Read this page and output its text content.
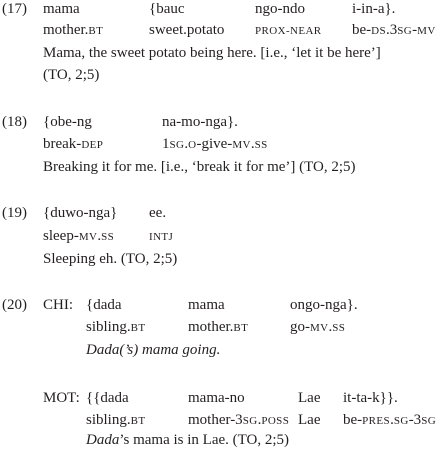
(17) mama	{bauc	ngo-ndo	i-in-a}.
mother.BT	sweet.potato	PROX-NEAR be-DS.3SG-MV
Mama, the sweet potato being here. [i.e., ‘let it be here’]
(TO, 2;5)
(18) {obe-ng	na-mo-nga}.
break-DEP	1SG.O-give-MV.SS
Breaking it for me. [i.e., ‘break it for me’] (TO, 2;5)
(19) {duwo-nga} ee.
sleep-MV.SS	INTJ
Sleeping eh. (TO, 2;5)
(20) CHI: {dada	mama	ongo-nga}.
sibling.BT	mother.BT	go-MV.SS
Dada(’s) mama going.
MOT: {{dada	mama-no	Lae it-ta-k}}.
sibling.BT	mother-3SG.POSS Lae be-PRES.SG-3SG
Dada’s mama is in Lae. (TO, 2;5)
